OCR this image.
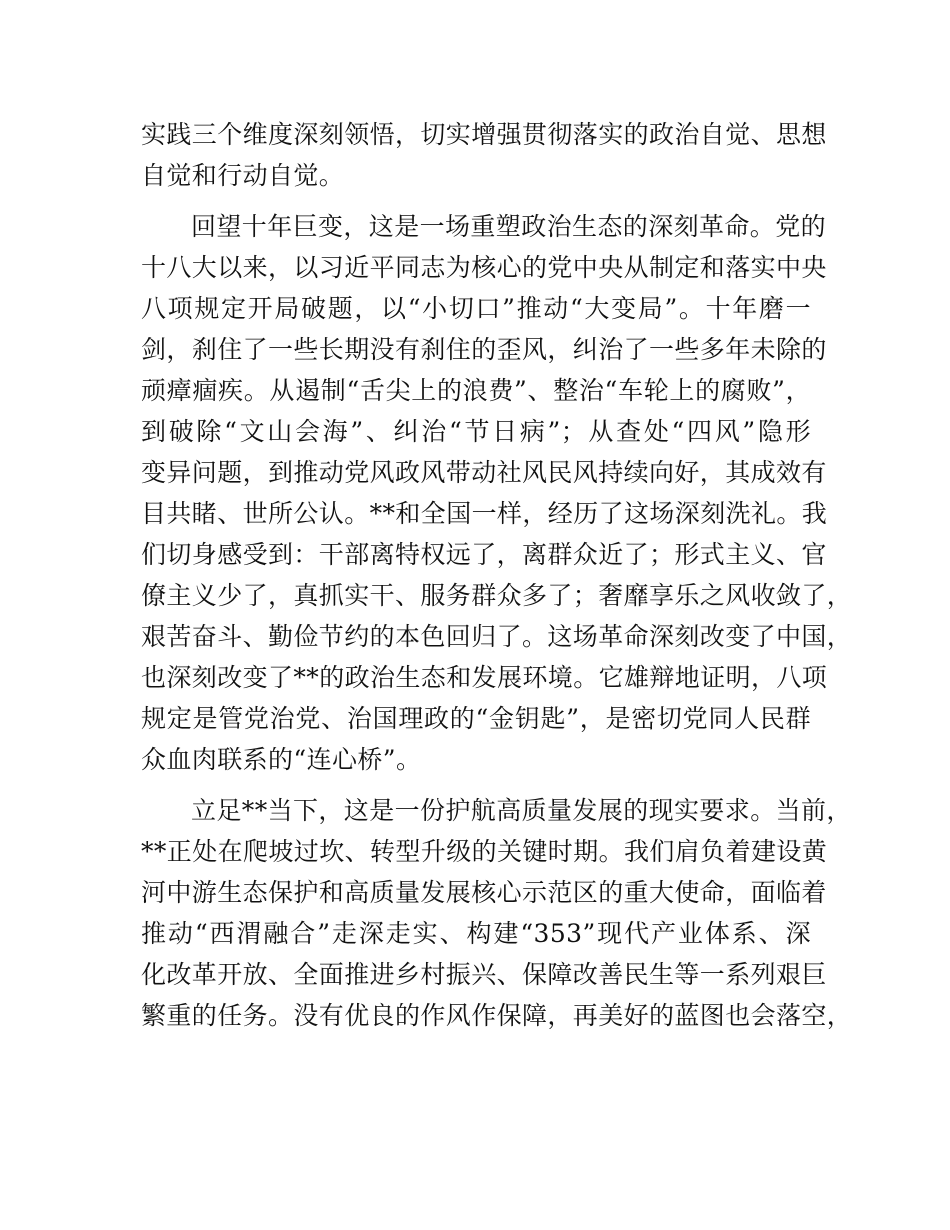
实践三个维度深刻领悟，切实增强贯彻落实的政治自觉、思想
自觉和行动自觉。
回望十年巨变，这是一场重塑政治生态的深刻革命。党的
十八大以来，以习近平同志为核心的党中央从制定和落实中央
八项规定开局破题，以“小切口”推动“大变局”。十年磨一
剑，刹住了一些长期没有刹住的歪风，纠治了一些多年未除的
顽瘴痼疾。从遏制“舌尖上的浪费”、整治“车轮上的腐败”，
到破除“文山会海”、纠治“节日病”；从查处“四风”隐形
变异问题，到推动党风政风带动社风民风持续向好，其成效有
目共睹、世所公认。**和全国一样，经历了这场深刻洗礼。我
们切身感受到：干部离特权远了，离群众近了；形式主义、官
僚主义少了，真抓实干、服务群众多了；奢靡享乐之风收敛了，
艰苦奋斗、勤俭节约的本色回归了。这场革命深刻改变了中国，
也深刻改变了**的政治生态和发展环境。它雄辩地证明，八项
规定是管党治党、治国理政的“金钥匙”，是密切党同人民群
众血肉联系的“连心桥”。
立足**当下，这是一份护航高质量发展的现实要求。当前，
**正处在爬坡过坎、转型升级的关键时期。我们肩负着建设黄
河中游生态保护和高质量发展核心示范区的重大使命，面临着
推动“西渭融合”走深走实、构建“353”现代产业体系、深
化改革开放、全面推进乡村振兴、保障改善民生等一系列艰巨
繁重的任务。没有优良的作风作保障，再美好的蓝图也会落空，
